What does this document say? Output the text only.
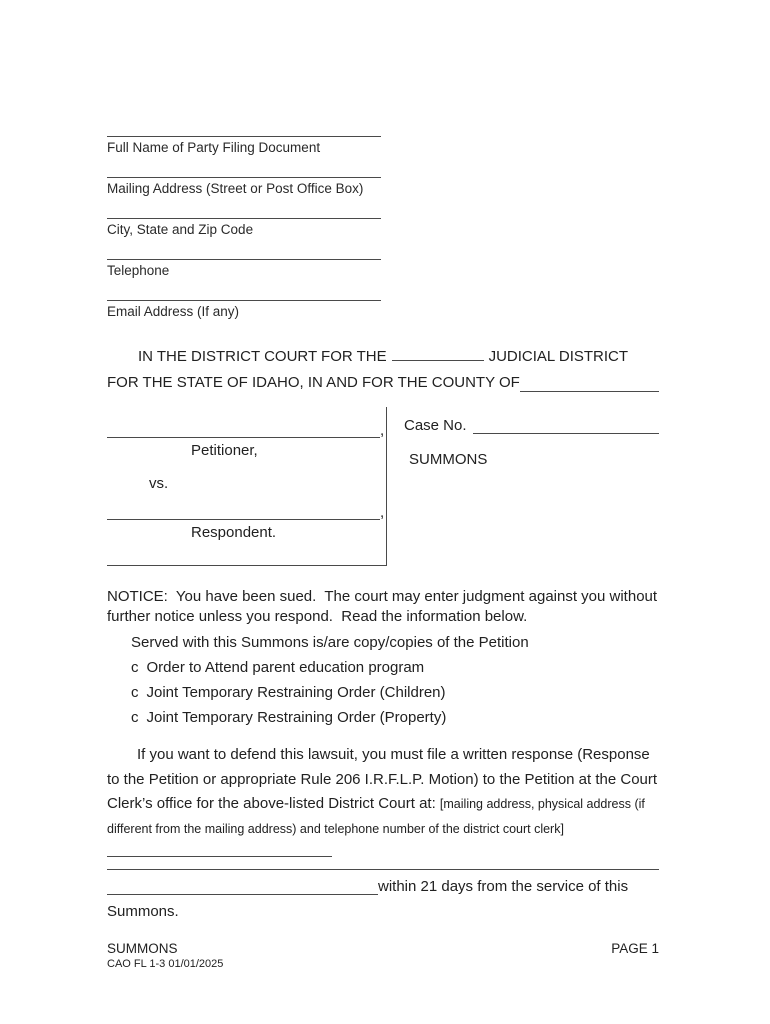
Full Name of Party Filing Document
Mailing Address (Street or Post Office Box)
City, State and Zip Code
Telephone
Email Address (If any)
IN THE DISTRICT COURT FOR THE	JUDICIAL DISTRICT
FOR THE STATE OF IDAHO, IN AND FOR THE COUNTY OF
,
Petitioner,
vs.
,
Respondent.
Case No.
SUMMONS

NOTICE:  You have been sued.  The court may enter judgment against you without further notice unless you respond.  Read the information below.

Served with this Summons is/are copy/copies of the Petition
c Order to Attend parent education program
c Joint Temporary Restraining Order (Children)
c Joint Temporary Restraining Order (Property)

If you want to defend this lawsuit, you must file a written response (Response to the Petition or appropriate Rule 206 I.R.F.L.P. Motion) to the Petition at the Court Clerk’s office for the above-listed District Court at: [mailing address, physical address (if different from the mailing address) and telephone number of the district court clerk]

within 21 days from the service of this
Summons.
SUMMONS	PAGE 1
CAO FL 1-3 01/01/2025
